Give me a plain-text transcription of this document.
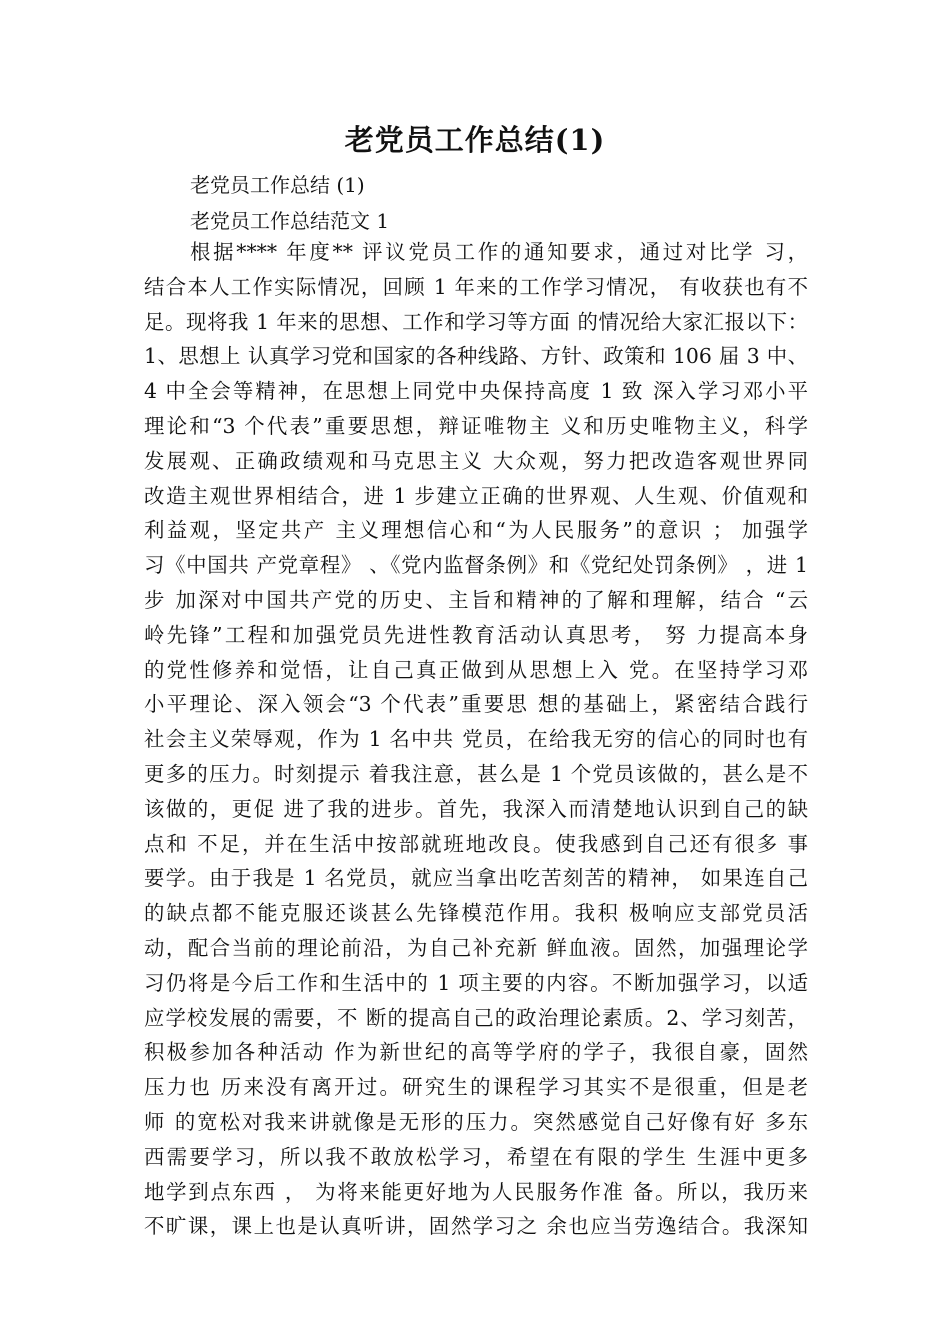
老党员工作总结(1)
老党员工作总结 (1)
老党员工作总结范文 1
根据**** 年度** 评议党员工作的通知要求，通过对比学 习，
结合本人工作实际情况，回顾 1 年来的工作学习情况， 有收获也有不
足。现将我 1 年来的思想、工作和学习等方面 的情况给大家汇报以下：
1、思想上 认真学习党和国家的各种线路、方针、政策和 106 届 3 中、
4 中全会等精神，在思想上同党中央保持高度 1 致 深入学习邓小平
理论和“3 个代表”重要思想，辩证唯物主 义和历史唯物主义，科学
发展观、正确政绩观和马克思主义 大众观，努力把改造客观世界同
改造主观世界相结合，进 1 步建立正确的世界观、人生观、价值观和
利益观，坚定共产 主义理想信心和“为人民服务”的意识 ； 加强学
习《中国共 产党章程》 、《党内监督条例》和《党纪处罚条例》 ，进 1
步 加深对中国共产党的历史、主旨和精神的了解和理解，结合 “云
岭先锋”工程和加强党员先进性教育活动认真思考， 努 力提高本身
的党性修养和觉悟，让自己真正做到从思想上入 党。在坚持学习邓
小平理论、深入领会“3 个代表”重要思 想的基础上，紧密结合践行
社会主义荣辱观，作为 1 名中共 党员，在给我无穷的信心的同时也有
更多的压力。时刻提示 着我注意，甚么是 1 个党员该做的，甚么是不
该做的，更促 进了我的进步。首先，我深入而清楚地认识到自己的缺
点和 不足，并在生活中按部就班地改良。使我感到自己还有很多 事
要学。由于我是 1 名党员，就应当拿出吃苦刻苦的精神， 如果连自己
的缺点都不能克服还谈甚么先锋模范作用。我积 极响应支部党员活
动，配合当前的理论前沿，为自己补充新 鲜血液。固然，加强理论学
习仍将是今后工作和生活中的 1 项主要的内容。不断加强学习，以适
应学校发展的需要，不 断的提高自己的政治理论素质。2、学习刻苦，
积极参加各种活动 作为新世纪的高等学府的学子，我很自豪，固然
压力也 历来没有离开过。研究生的课程学习其实不是很重，但是老
师 的宽松对我来讲就像是无形的压力。突然感觉自己好像有好 多东
西需要学习，所以我不敢放松学习，希望在有限的学生 生涯中更多
地学到点东西 ， 为将来能更好地为人民服务作准 备。所以，我历来
不旷课，课上也是认真听讲，固然学习之 余也应当劳逸结合。我深知
